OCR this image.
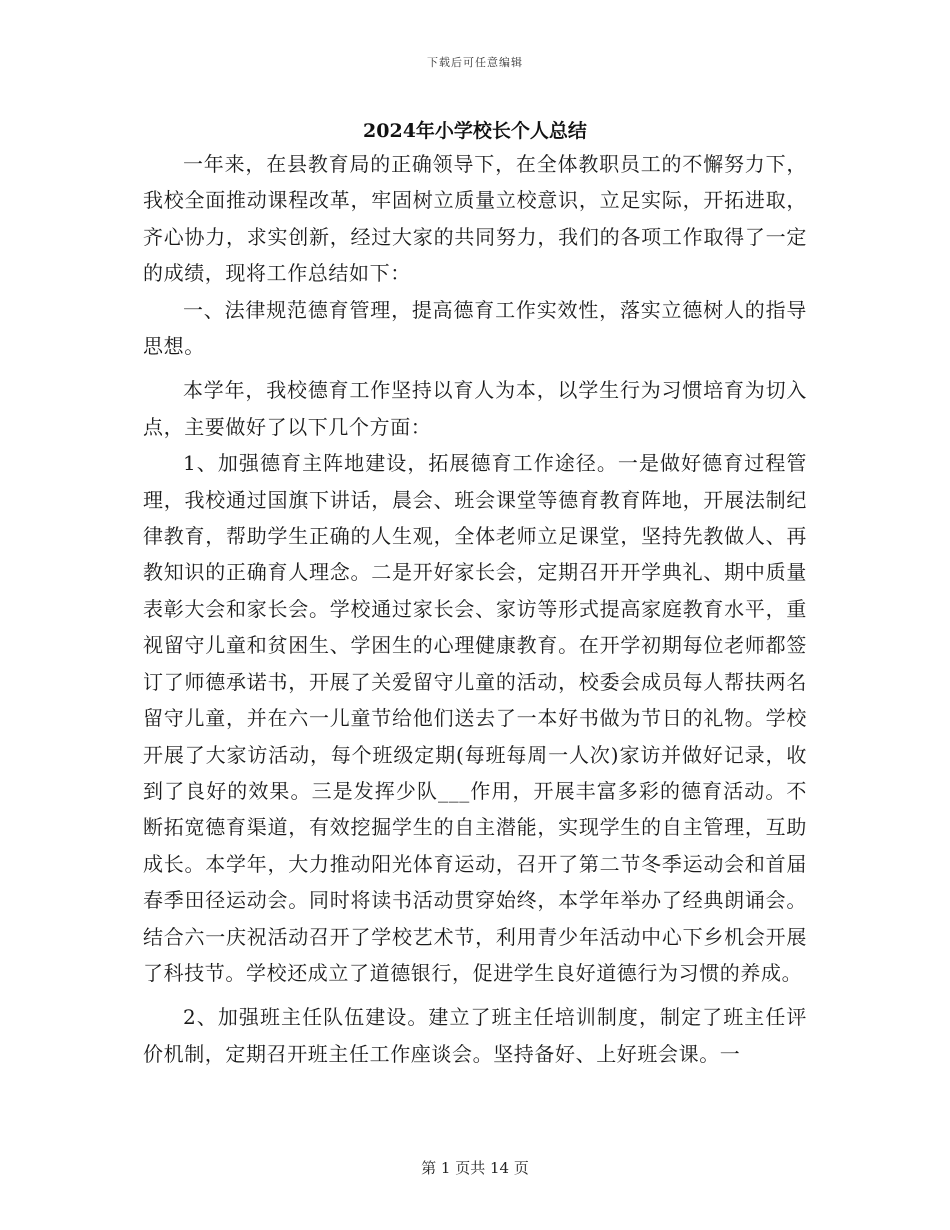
下载后可任意编辑
2024年小学校长个人总结

一年来，在县教育局的正确领导下，在全体教职员工的不懈努力下，我校全面推动课程改革，牢固树立质量立校意识，立足实际，开拓进取，齐心协力，求实创新，经过大家的共同努力，我们的各项工作取得了一定的成绩，现将工作总结如下：

一、法律规范德育管理，提高德育工作实效性，落实立德树人的指导思想。

本学年，我校德育工作坚持以育人为本，以学生行为习惯培育为切入点，主要做好了以下几个方面：

1、加强德育主阵地建设，拓展德育工作途径。一是做好德育过程管理，我校通过国旗下讲话，晨会、班会课堂等德育教育阵地，开展法制纪律教育，帮助学生正确的人生观，全体老师立足课堂，坚持先教做人、再教知识的正确育人理念。二是开好家长会，定期召开开学典礼、期中质量表彰大会和家长会。学校通过家长会、家访等形式提高家庭教育水平，重视留守儿童和贫困生、学困生的心理健康教育。在开学初期每位老师都签订了师德承诺书，开展了关爱留守儿童的活动，校委会成员每人帮扶两名留守儿童，并在六一儿童节给他们送去了一本好书做为节日的礼物。学校开展了大家访活动，每个班级定期(每班每周一人次)家访并做好记录，收到了良好的效果。三是发挥少队___作用，开展丰富多彩的德育活动。不断拓宽德育渠道，有效挖掘学生的自主潜能，实现学生的自主管理，互助成长。本学年，大力推动阳光体育运动，召开了第二节冬季运动会和首届春季田径运动会。同时将读书活动贯穿始终，本学年举办了经典朗诵会。结合六一庆祝活动召开了学校艺术节，利用青少年活动中心下乡机会开展了科技节。学校还成立了道德银行，促进学生良好道德行为习惯的养成。

2、加强班主任队伍建设。建立了班主任培训制度，制定了班主任评价机制，定期召开班主任工作座谈会。坚持备好、上好班会课。一

第 1 页共 14 页
